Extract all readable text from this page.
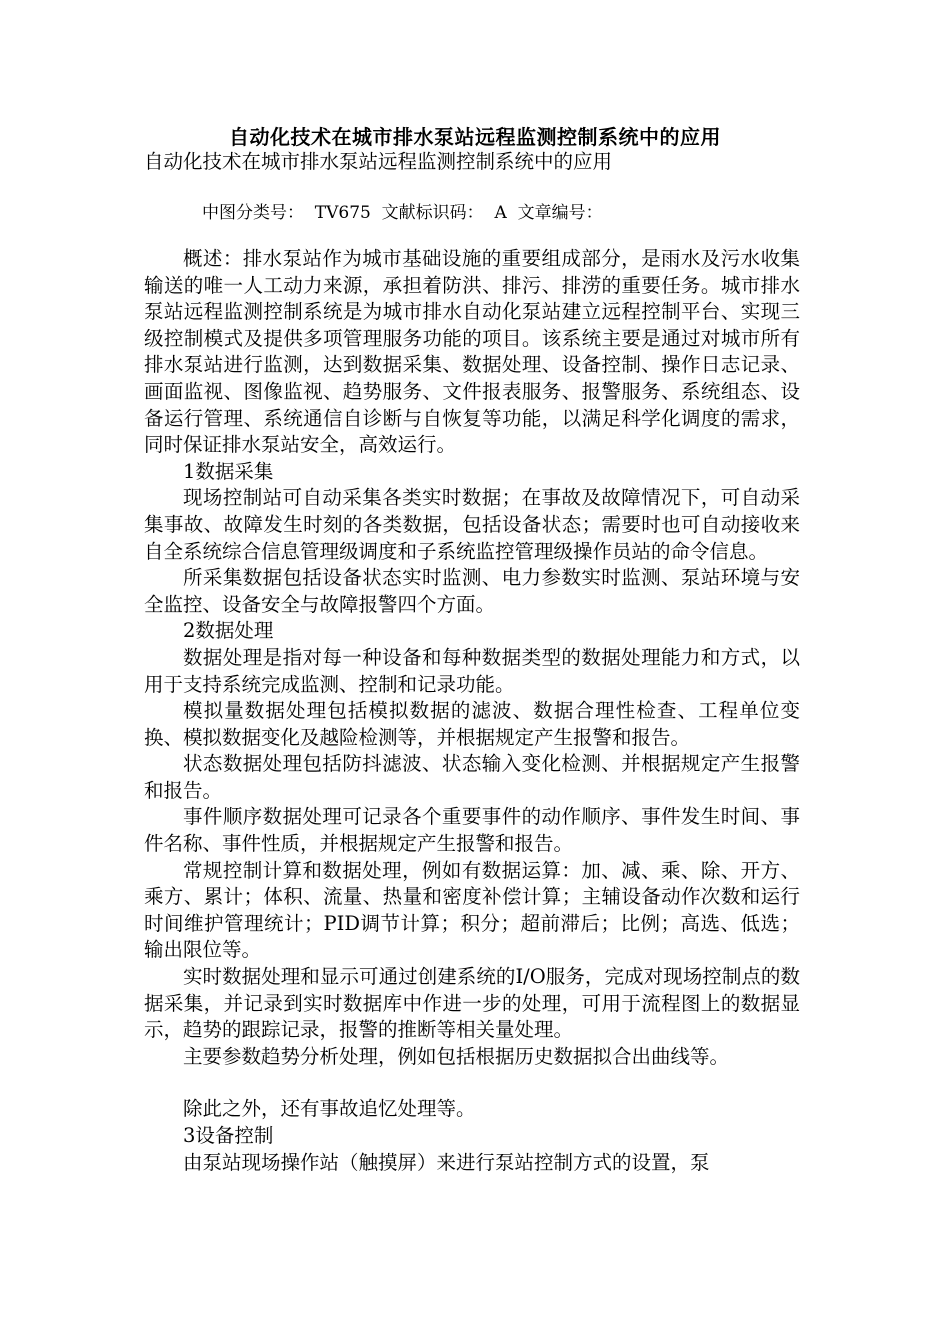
自动化技术在城市排水泵站远程监测控制系统中的应用
自动化技术在城市排水泵站远程监测控制系统中的应用
中图分类号：  TV675  文献标识码：  A  文章编号：

概述：排水泵站作为城市基础设施的重要组成部分，是雨水及污水收集输送的唯一人工动力来源，承担着防洪、排污、排涝的重要任务。城市排水泵站远程监测控制系统是为城市排水自动化泵站建立远程控制平台、实现三级控制模式及提供多项管理服务功能的项目。该系统主要是通过对城市所有排水泵站进行监测，达到数据采集、数据处理、设备控制、操作日志记录、画面监视、图像监视、趋势服务、文件报表服务、报警服务、系统组态、设备运行管理、系统通信自诊断与自恢复等功能，以满足科学化调度的需求，同时保证排水泵站安全，高效运行。

1数据采集

现场控制站可自动采集各类实时数据；在事故及故障情况下，可自动采集事故、故障发生时刻的各类数据，包括设备状态；需要时也可自动接收来自全系统综合信息管理级调度和子系统监控管理级操作员站的命令信息。

所采集数据包括设备状态实时监测、电力参数实时监测、泵站环境与安全监控、设备安全与故障报警四个方面。

2数据处理

数据处理是指对每一种设备和每种数据类型的数据处理能力和方式，以用于支持系统完成监测、控制和记录功能。

模拟量数据处理包括模拟数据的滤波、数据合理性检查、工程单位变换、模拟数据变化及越险检测等，并根据规定产生报警和报告。

状态数据处理包括防抖滤波、状态输入变化检测、并根据规定产生报警和报告。

事件顺序数据处理可记录各个重要事件的动作顺序、事件发生时间、事件名称、事件性质，并根据规定产生报警和报告。

常规控制计算和数据处理，例如有数据运算：加、减、乘、除、开方、乘方、累计；体积、流量、热量和密度补偿计算；主辅设备动作次数和运行时间维护管理统计；PID调节计算；积分；超前滞后；比例；高选、低选；输出限位等。

实时数据处理和显示可通过创建系统的I/O服务，完成对现场控制点的数据采集，并记录到实时数据库中作进一步的处理，可用于流程图上的数据显示，趋势的跟踪记录，报警的推断等相关量处理。

主要参数趋势分析处理，例如包括根据历史数据拟合出曲线等。

除此之外，还有事故追忆处理等。

3设备控制

由泵站现场操作站（触摸屏）来进行泵站控制方式的设置，泵
